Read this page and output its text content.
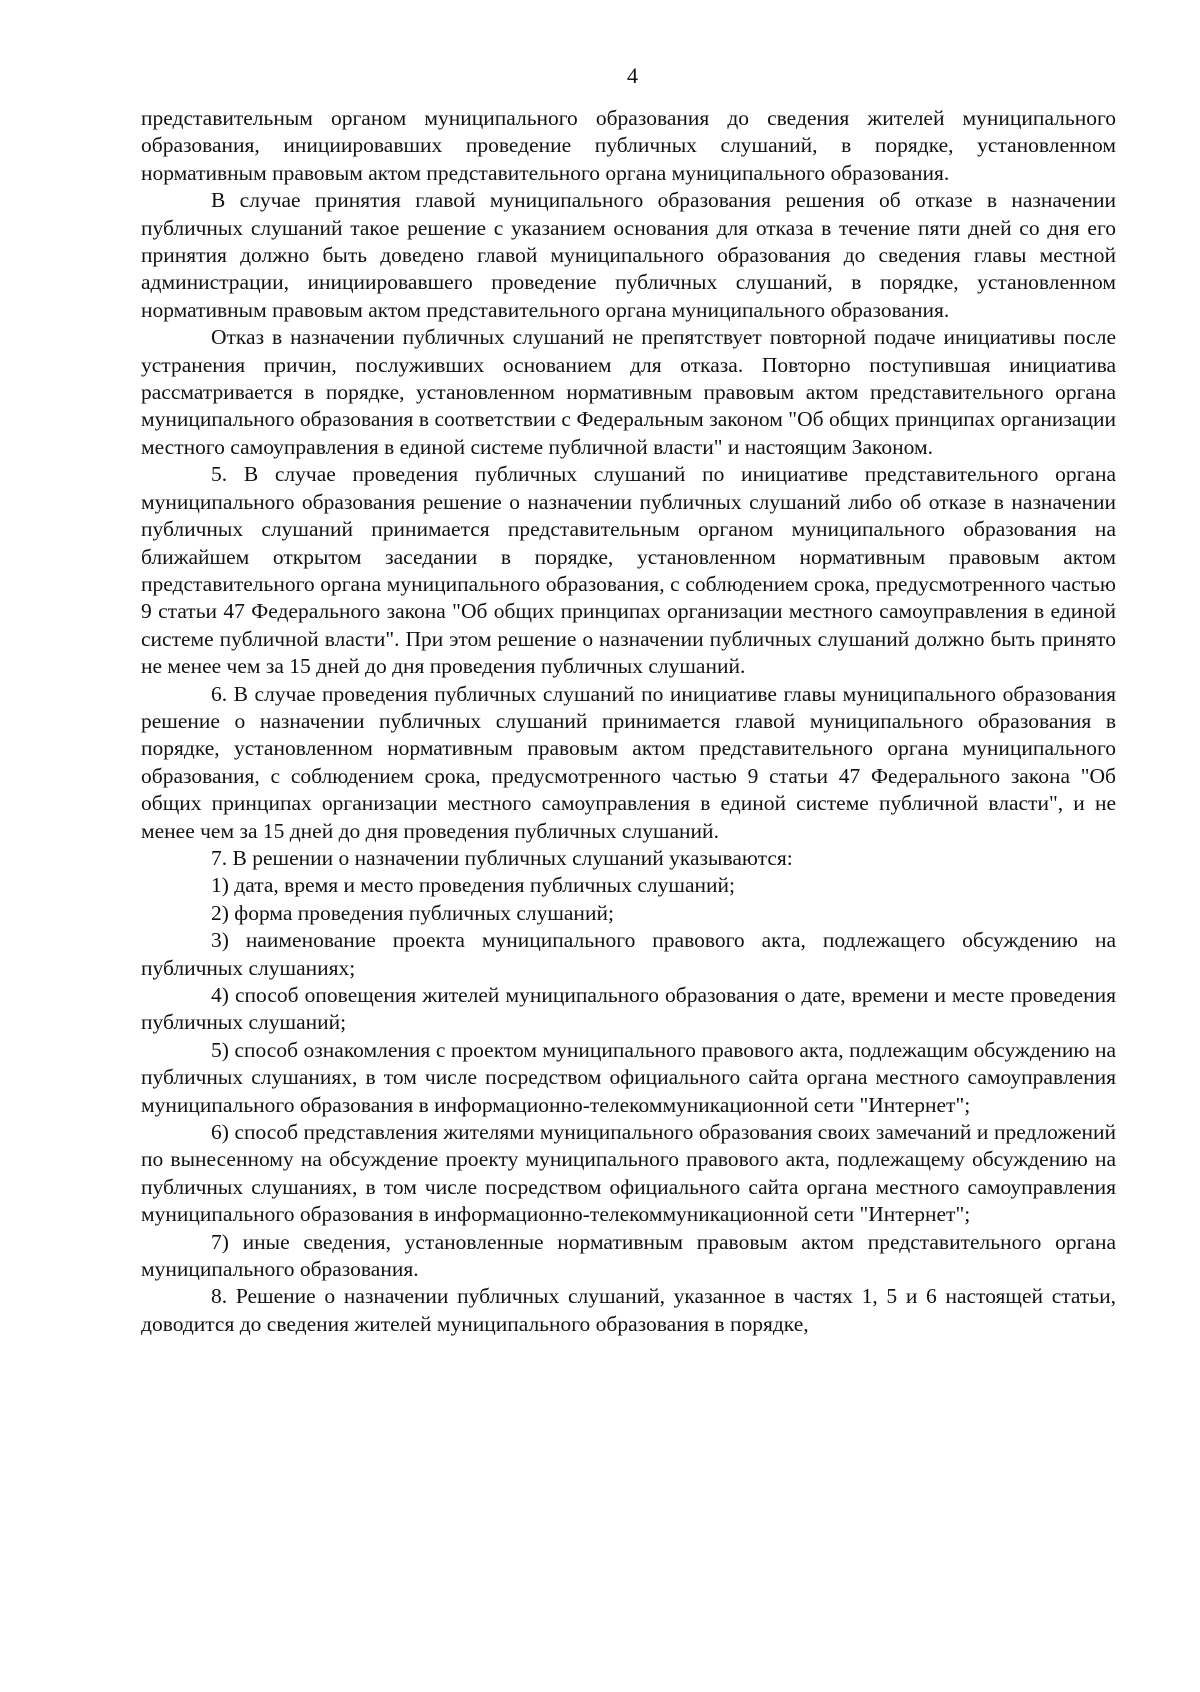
4

представительным органом муниципального образования до сведения жителей муниципального образования, инициировавших проведение публичных слушаний, в порядке, установленном нормативным правовым актом представительного органа муниципального образования.

В случае принятия главой муниципального образования решения об отказе в назначении публичных слушаний такое решение с указанием основания для отказа в течение пяти дней со дня его принятия должно быть доведено главой муниципального образования до сведения главы местной администрации, инициировавшего проведение публичных слушаний, в порядке, установленном нормативным правовым актом представительного органа муниципального образования.

Отказ в назначении публичных слушаний не препятствует повторной подаче инициативы после устранения причин, послуживших основанием для отказа. Повторно поступившая инициатива рассматривается в порядке, установленном нормативным правовым актом представительного органа муниципального образования в соответствии с Федеральным законом "Об общих принципах организации местного самоуправления в единой системе публичной власти" и настоящим Законом.

5. В случае проведения публичных слушаний по инициативе представительного органа муниципального образования решение о назначении публичных слушаний либо об отказе в назначении публичных слушаний принимается представительным органом муниципального образования на ближайшем открытом заседании в порядке, установленном нормативным правовым актом представительного органа муниципального образования, с соблюдением срока, предусмотренного частью 9 статьи 47 Федерального закона "Об общих принципах организации местного самоуправления в единой системе публичной власти". При этом решение о назначении публичных слушаний должно быть принято не менее чем за 15 дней до дня проведения публичных слушаний.

6. В случае проведения публичных слушаний по инициативе главы муниципального образования решение о назначении публичных слушаний принимается главой муниципального образования в порядке, установленном нормативным правовым актом представительного органа муниципального образования, с соблюдением срока, предусмотренного частью 9 статьи 47 Федерального закона "Об общих принципах организации местного самоуправления в единой системе публичной власти", и не менее чем за 15 дней до дня проведения публичных слушаний.

7. В решении о назначении публичных слушаний указываются:

1) дата, время и место проведения публичных слушаний;

2) форма проведения публичных слушаний;

3) наименование проекта муниципального правового акта, подлежащего обсуждению на публичных слушаниях;

4) способ оповещения жителей муниципального образования о дате, времени и месте проведения публичных слушаний;

5) способ ознакомления с проектом муниципального правового акта, подлежащим обсуждению на публичных слушаниях, в том числе посредством официального сайта органа местного самоуправления муниципального образования в информационно-телекоммуникационной сети "Интернет";

6) способ представления жителями муниципального образования своих замечаний и предложений по вынесенному на обсуждение проекту муниципального правового акта, подлежащему обсуждению на публичных слушаниях, в том числе посредством официального сайта органа местного самоуправления муниципального образования в информационно-телекоммуникационной сети "Интернет";

7) иные сведения, установленные нормативным правовым актом представительного органа муниципального образования.

8. Решение о назначении публичных слушаний, указанное в частях 1, 5 и 6 настоящей статьи, доводится до сведения жителей муниципального образования в порядке,
